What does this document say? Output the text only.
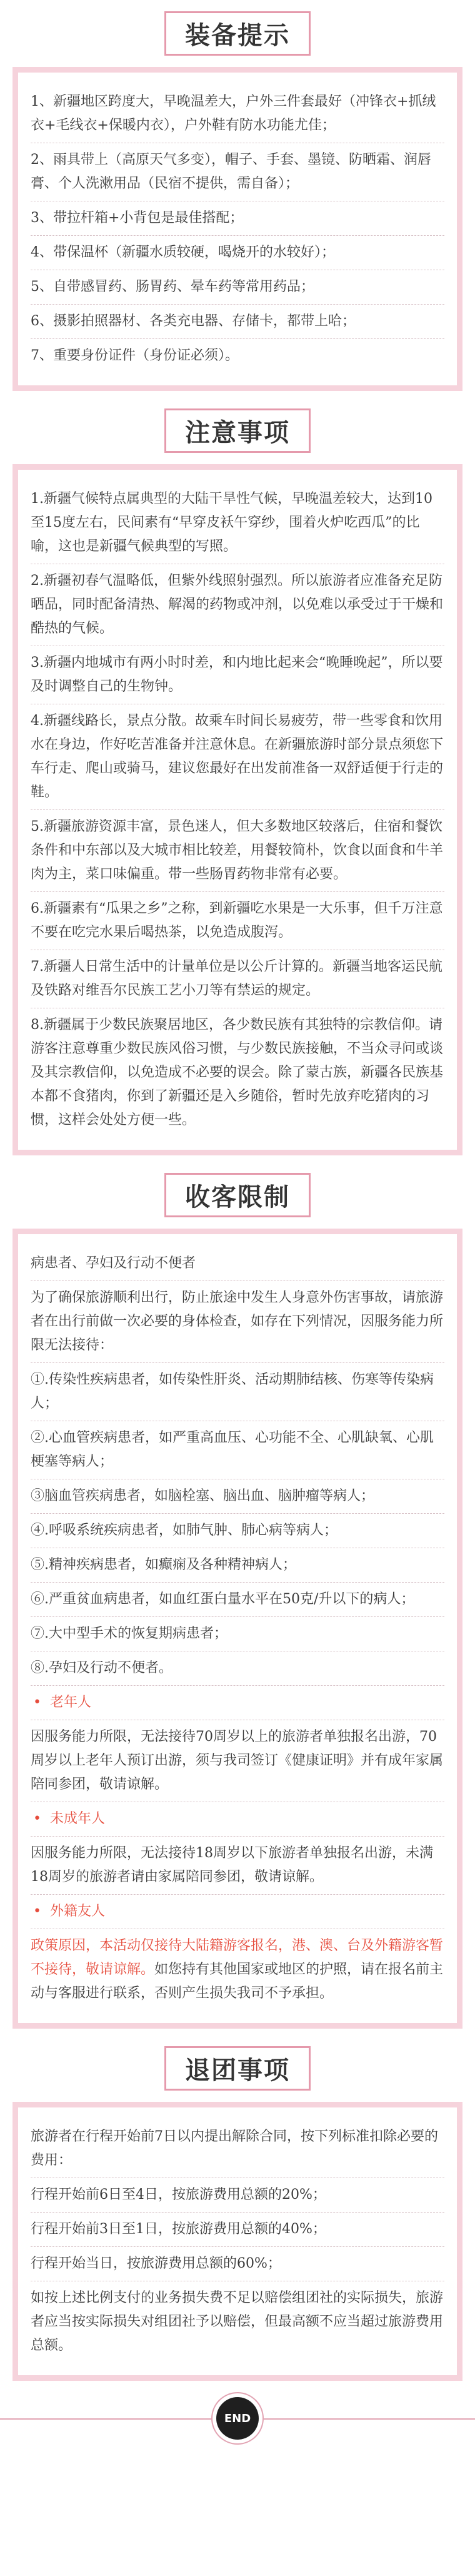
装备提示

1、新疆地区跨度大，早晚温差大，户外三件套最好（冲锋衣+抓绒衣+毛线衣+保暖内衣），户外鞋有防水功能尤佳；

2、雨具带上（高原天气多变），帽子、手套、墨镜、防晒霜、润唇膏、个人洗漱用品（民宿不提供，需自备）；

3、带拉杆箱+小背包是最佳搭配；

4、带保温杯（新疆水质较硬，喝烧开的水较好）；

5、自带感冒药、肠胃药、晕车药等常用药品；

6、摄影拍照器材、各类充电器、存储卡，都带上哈；

7、重要身份证件（身份证必须）。

注意事项

1.新疆气候特点属典型的大陆干旱性气候，早晚温差较大，达到10至15度左右，民间素有“早穿皮袄午穿纱，围着火炉吃西瓜”的比喻，这也是新疆气候典型的写照。

2.新疆初春气温略低，但紫外线照射强烈。所以旅游者应准备充足防晒品，同时配备清热、解渴的药物或冲剂，以免难以承受过于干燥和酷热的气候。

3.新疆内地城市有两小时时差，和内地比起来会“晚睡晚起”，所以要及时调整自己的生物钟。

4.新疆线路长，景点分散。故乘车时间长易疲劳，带一些零食和饮用水在身边，作好吃苦准备并注意休息。在新疆旅游时部分景点须您下车行走、爬山或骑马，建议您最好在出发前准备一双舒适便于行走的鞋。

5.新疆旅游资源丰富，景色迷人，但大多数地区较落后，住宿和餐饮条件和中东部以及大城市相比较差，用餐较简朴，饮食以面食和牛羊肉为主，菜口味偏重。带一些肠胃药物非常有必要。

6.新疆素有“瓜果之乡”之称，到新疆吃水果是一大乐事，但千万注意不要在吃完水果后喝热茶，以免造成腹泻。

7.新疆人日常生活中的计量单位是以公斤计算的。新疆当地客运民航及铁路对维吾尔民族工艺小刀等有禁运的规定。

8.新疆属于少数民族聚居地区，各少数民族有其独特的宗教信仰。请游客注意尊重少数民族风俗习惯，与少数民族接触，不当众寻问或谈及其宗教信仰，以免造成不必要的误会。除了蒙古族，新疆各民族基本都不食猪肉，你到了新疆还是入乡随俗，暂时先放弃吃猪肉的习惯，这样会处处方便一些。

收客限制

病患者、孕妇及行动不便者

为了确保旅游顺利出行，防止旅途中发生人身意外伤害事故，请旅游者在出行前做一次必要的身体检查，如存在下列情况，因服务能力所限无法接待：

①.传染性疾病患者，如传染性肝炎、活动期肺结核、伤寒等传染病人；

②.心血管疾病患者，如严重高血压、心功能不全、心肌缺氧、心肌梗塞等病人；

③脑血管疾病患者，如脑栓塞、脑出血、脑肿瘤等病人；

④.呼吸系统疾病患者，如肺气肿、肺心病等病人；

⑤.精神疾病患者，如癫痫及各种精神病人；

⑥.严重贫血病患者，如血红蛋白量水平在50克/升以下的病人；

⑦.大中型手术的恢复期病患者；

⑧.孕妇及行动不便者。

•  老年人

因服务能力所限，无法接待70周岁以上的旅游者单独报名出游，70周岁以上老年人预订出游，须与我司签订《健康证明》并有成年家属陪同参团，敬请谅解。

•  未成年人

因服务能力所限，无法接待18周岁以下旅游者单独报名出游，未满18周岁的旅游者请由家属陪同参团，敬请谅解。

•  外籍友人

政策原因，本活动仅接待大陆籍游客报名，港、澳、台及外籍游客暂不接待，敬请谅解。如您持有其他国家或地区的护照，请在报名前主动与客服进行联系，否则产生损失我司不予承担。

退团事项

旅游者在行程开始前7日以内提出解除合同，按下列标准扣除必要的费用：

行程开始前6日至4日，按旅游费用总额的20%；

行程开始前3日至1日，按旅游费用总额的40%；

行程开始当日，按旅游费用总额的60%；

如按上述比例支付的业务损失费不足以赔偿组团社的实际损失，旅游者应当按实际损失对组团社予以赔偿，但最高额不应当超过旅游费用总额。

END
